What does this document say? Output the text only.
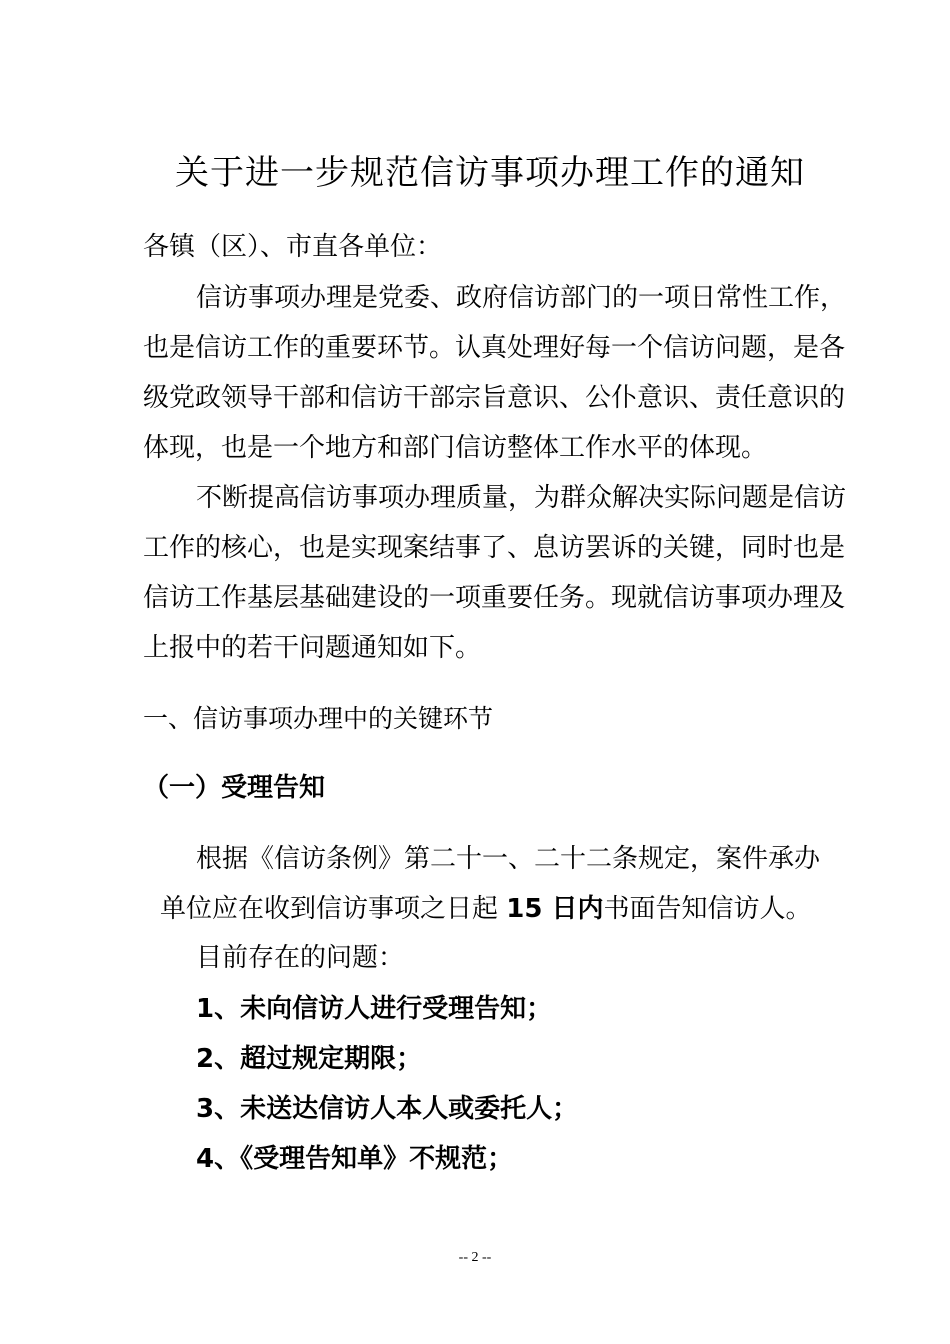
关于进一步规范信访事项办理工作的通知
各镇（区）、市直各单位：
信访事项办理是党委、政府信访部门的一项日常性工作，
也是信访工作的重要环节。认真处理好每一个信访问题，是各
级党政领导干部和信访干部宗旨意识、公仆意识、责任意识的
体现，也是一个地方和部门信访整体工作水平的体现。
不断提高信访事项办理质量，为群众解决实际问题是信访
工作的核心，也是实现案结事了、息访罢诉的关键，同时也是
信访工作基层基础建设的一项重要任务。现就信访事项办理及
上报中的若干问题通知如下。
一、信访事项办理中的关键环节
（一）受理告知
根据《信访条例》第二十一、二十二条规定，案件承办
单位应在收到信访事项之日起 15 日内书面告知信访人。
目前存在的问题：
1、未向信访人进行受理告知；
2、超过规定期限；
3、未送达信访人本人或委托人；
4、《受理告知单》不规范；
-- 2 --
